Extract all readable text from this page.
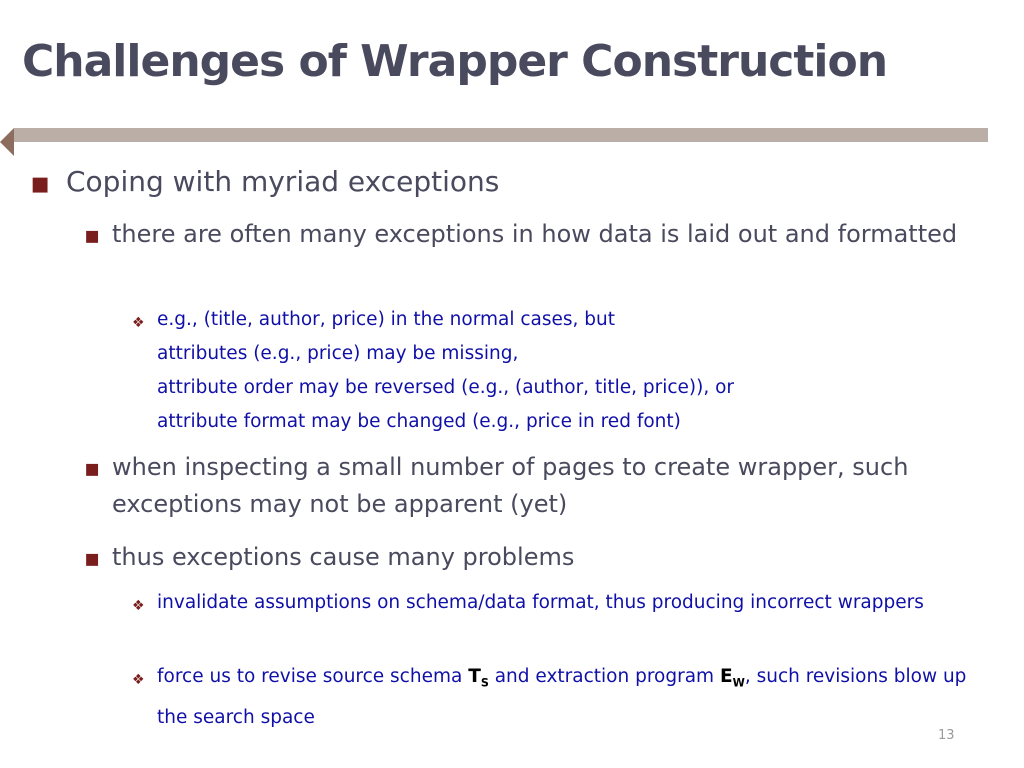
Challenges of Wrapper Construction
▪ Coping with myriad exceptions
▪ there are often many exceptions in how data is laid out and formatted
❖ e.g., (title, author, price) in the normal cases, but
attributes (e.g., price) may be missing,
attribute order may be reversed (e.g., (author, title, price)), or
attribute format may be changed (e.g., price in red font)
▪ when inspecting a small number of pages to create wrapper, such exceptions may not be apparent (yet)
▪ thus exceptions cause many problems
❖ invalidate assumptions on schema/data format, thus producing incorrect wrappers
❖ force us to revise source schema $T_S$ and extraction program $E_W$, such revisions blow up the search space
13
